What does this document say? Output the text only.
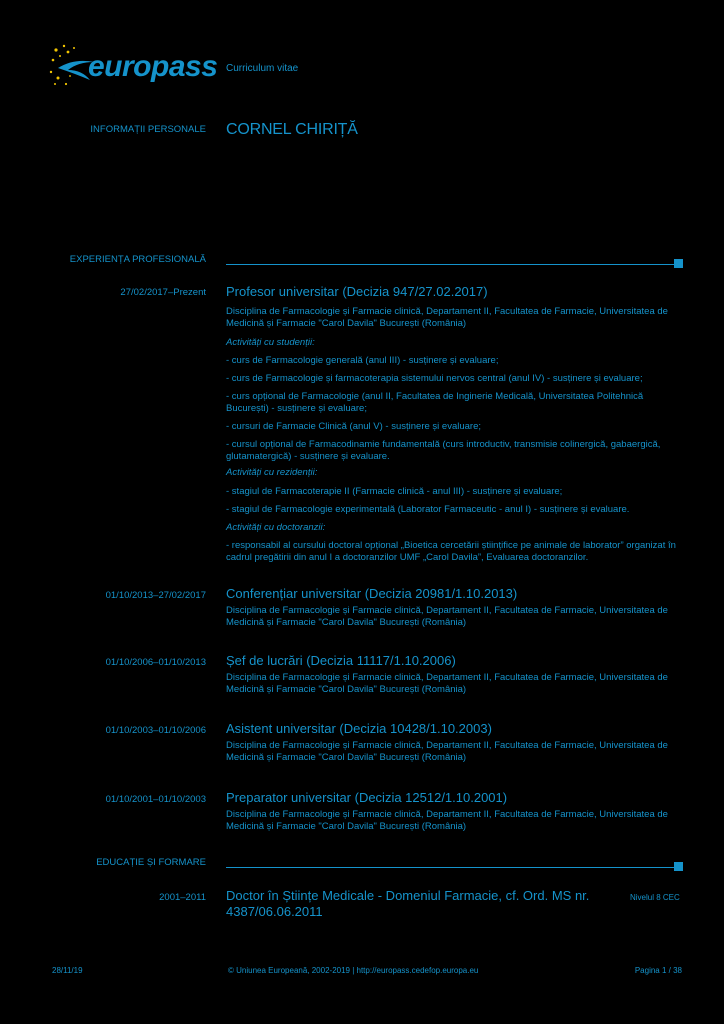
europass Curriculum vitae
INFORMAȚII PERSONALE CORNEL CHIRIȚĂ
EXPERIENȚA PROFESIONALĂ
27/02/2017–Prezent Profesor universitar (Decizia 947/27.02.2017)
Disciplina de Farmacologie și Farmacie clinică, Departament II, Facultatea de Farmacie, Universitatea de Medicină și Farmacie "Carol Davila" București (România)
Activități cu studenții:
- curs de Farmacologie generală (anul III) - susținere și evaluare;
- curs de Farmacologie și farmacoterapia sistemului nervos central (anul IV) - susținere și evaluare;
- curs opțional de Farmacologie (anul II, Facultatea de Inginerie Medicală, Universitatea Politehnică București) - susținere și evaluare;
- cursuri de Farmacie Clinică (anul V) - susținere și evaluare;
- cursul opțional de Farmacodinamie fundamentală (curs introductiv, transmisie colinergică, gabaergică, glutamatergică) - susținere și evaluare.
Activități cu rezidenții:
- stagiul de Farmacoterapie II (Farmacie clinică - anul III) - susținere și evaluare;
- stagiul de Farmacologie experimentală (Laborator Farmaceutic - anul I) - susținere și evaluare.
Activități cu doctoranzii:
- responsabil al cursului doctoral opțional „Bioetica cercetării științifice pe animale de laborator” organizat în cadrul pregătirii din anul I a doctoranzilor UMF „Carol Davila”, Evaluarea doctoranzilor.
01/10/2013–27/02/2017 Conferențiar universitar (Decizia 20981/1.10.2013)
Disciplina de Farmacologie și Farmacie clinică, Departament II, Facultatea de Farmacie, Universitatea de Medicină și Farmacie "Carol Davila" București (România)
01/10/2006–01/10/2013 Șef de lucrări (Decizia 11117/1.10.2006)
Disciplina de Farmacologie și Farmacie clinică, Departament II, Facultatea de Farmacie, Universitatea de Medicină și Farmacie "Carol Davila" București (România)
01/10/2003–01/10/2006 Asistent universitar (Decizia 10428/1.10.2003)
Disciplina de Farmacologie și Farmacie clinică, Departament II, Facultatea de Farmacie, Universitatea de Medicină și Farmacie "Carol Davila" București (România)
01/10/2001–01/10/2003 Preparator universitar (Decizia 12512/1.10.2001)
Disciplina de Farmacologie și Farmacie clinică, Departament II, Facultatea de Farmacie, Universitatea de Medicină și Farmacie "Carol Davila" București (România)
EDUCAȚIE ȘI FORMARE
2001–2011 Doctor în Științe Medicale - Domeniul Farmacie, cf. Ord. MS nr. 4387/06.06.2011
Nivelul 8 CEC
28/11/19	© Uniunea Europeană, 2002-2019 | http://europass.cedefop.europa.eu	Pagina 1 / 38
